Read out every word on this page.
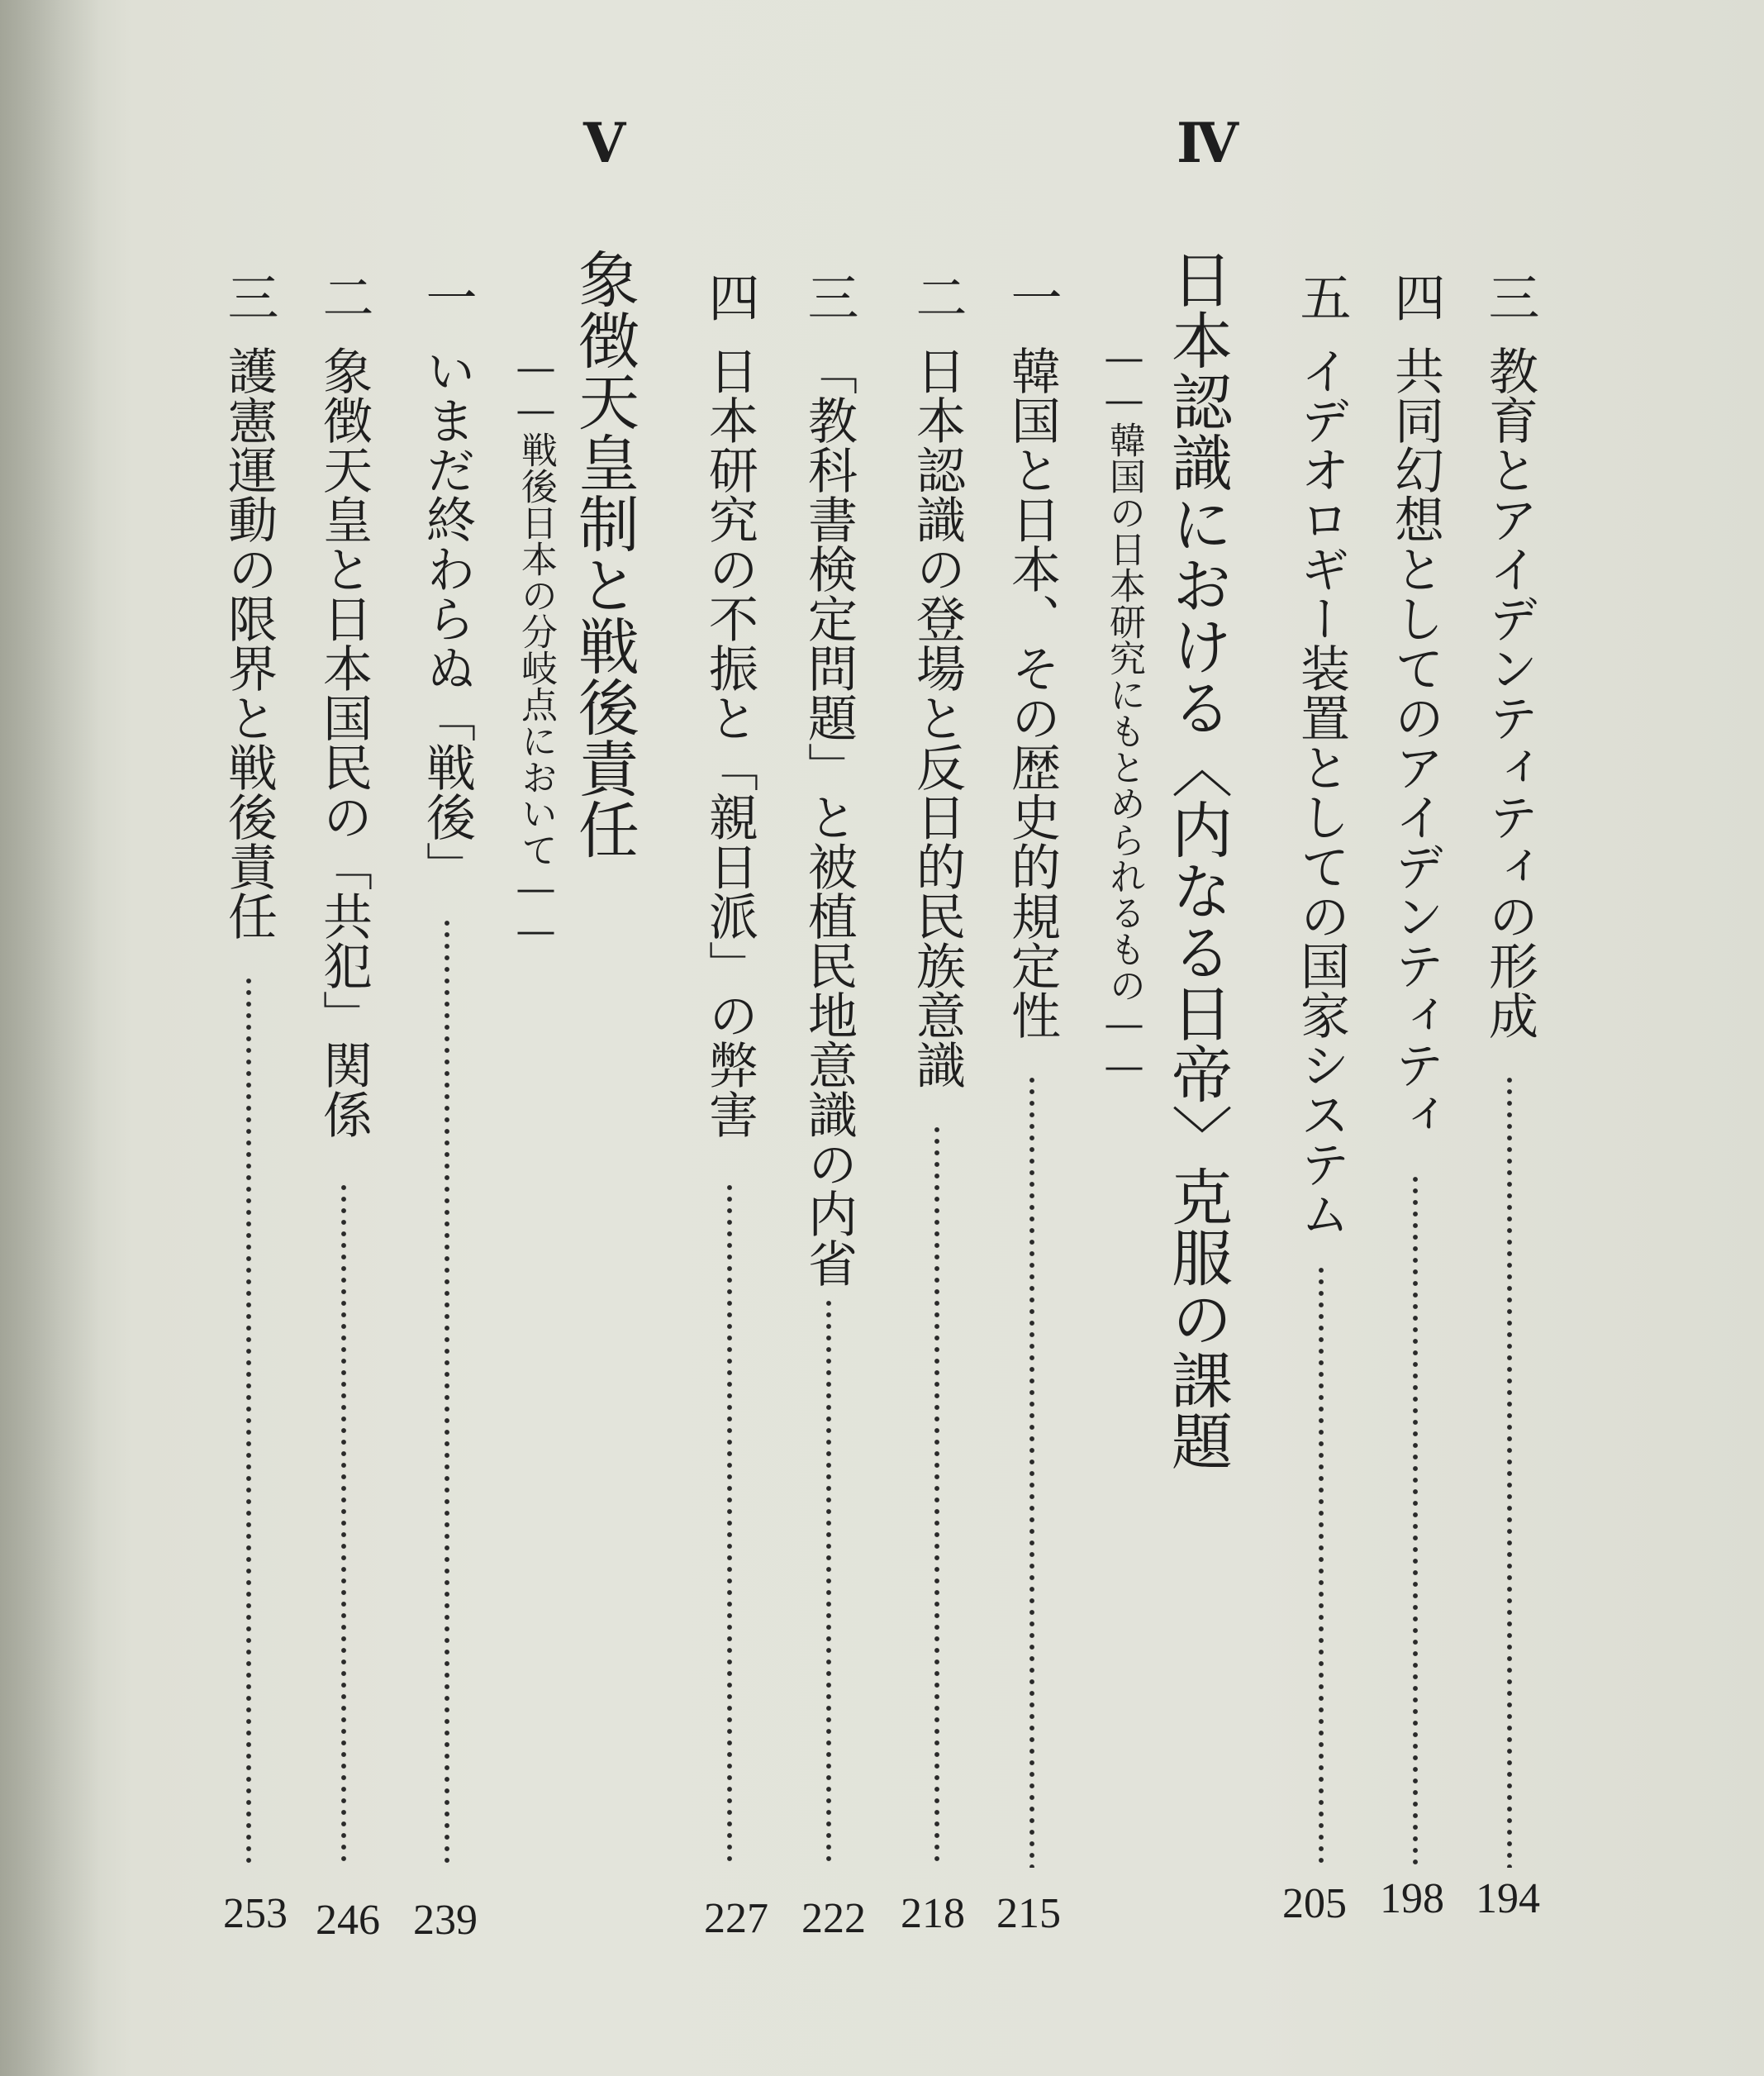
Ⅳ
日本認識における〈内なる日帝〉克服の課題
――韓国の日本研究にもとめられるもの――
Ⅴ
象徴天皇制と戦後責任
――戦後日本の分岐点において――
三
教育とアイデンティティの形成
194
四
共同幻想としてのアイデンティティ
198
五
イデオロギー装置としての国家システム
205
一
韓国と日本、その歴史的規定性
215
二
日本認識の登場と反日的民族意識
218
三
「教科書検定問題」と被植民地意識の内省
222
四
日本研究の不振と「親日派」の弊害
227
一
いまだ終わらぬ「戦後」
239
二
象徴天皇と日本国民の「共犯」関係
246
三
護憲運動の限界と戦後責任
253
